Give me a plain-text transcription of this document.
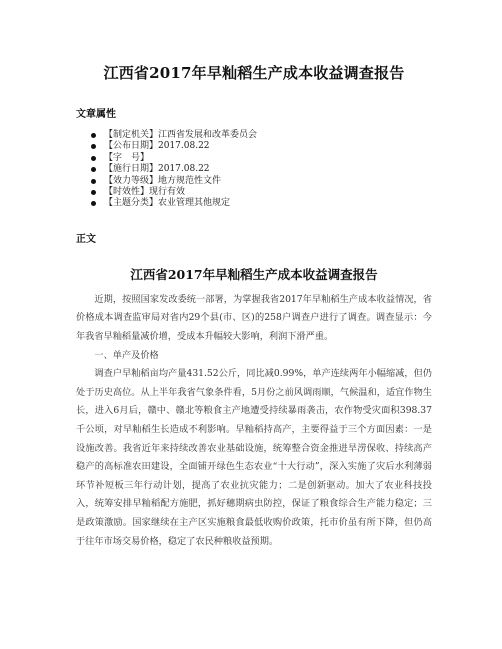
江西省2017年早籼稻生产成本收益调查报告
文章属性
【制定机关】江西省发展和改革委员会
【公布日期】2017.08.22
【字　号】
【施行日期】2017.08.22
【效力等级】地方规范性文件
【时效性】现行有效
【主题分类】农业管理其他规定
正文
江西省2017年早籼稻生产成本收益调查报告

近期，按照国家发改委统一部署，为掌握我省2017年早籼稻生产成本收益情况，省价格成本调查监审局对省内29个县(市、区)的258户调查户进行了调查。调查显示：今年我省早籼稻量减价增，受成本升幅较大影响，利润下滑严重。

一、单产及价格

调查户早籼稻亩均产量431.52公斤，同比减0.99%，单产连续两年小幅缩减，但仍处于历史高位。从上半年我省气象条件看，5月份之前风调雨顺，气候温和，适宜作物生长，进入6月后，赣中、赣北等粮食主产地遭受持续暴雨袭击，农作物受灾面积398.37千公顷，对早籼稻生长造成不利影响。早籼稻持高产，主要得益于三个方面因素：一是设施改善。我省近年来持续改善农业基础设施，统筹整合资金推进旱涝保收、持续高产稳产的高标准农田建设，全面铺开绿色生态农业“十大行动”，深入实施了灾后水利薄弱环节补短板三年行动计划，提高了农业抗灾能力；二是创新驱动。加大了农业科技投入，统筹安排早籼稻配方施肥，抓好穗期病虫防控，保证了粮食综合生产能力稳定；三是政策激励。国家继续在主产区实施粮食最低收购价政策，托市价虽有所下降，但仍高于往年市场交易价格，稳定了农民种粮收益预期。
